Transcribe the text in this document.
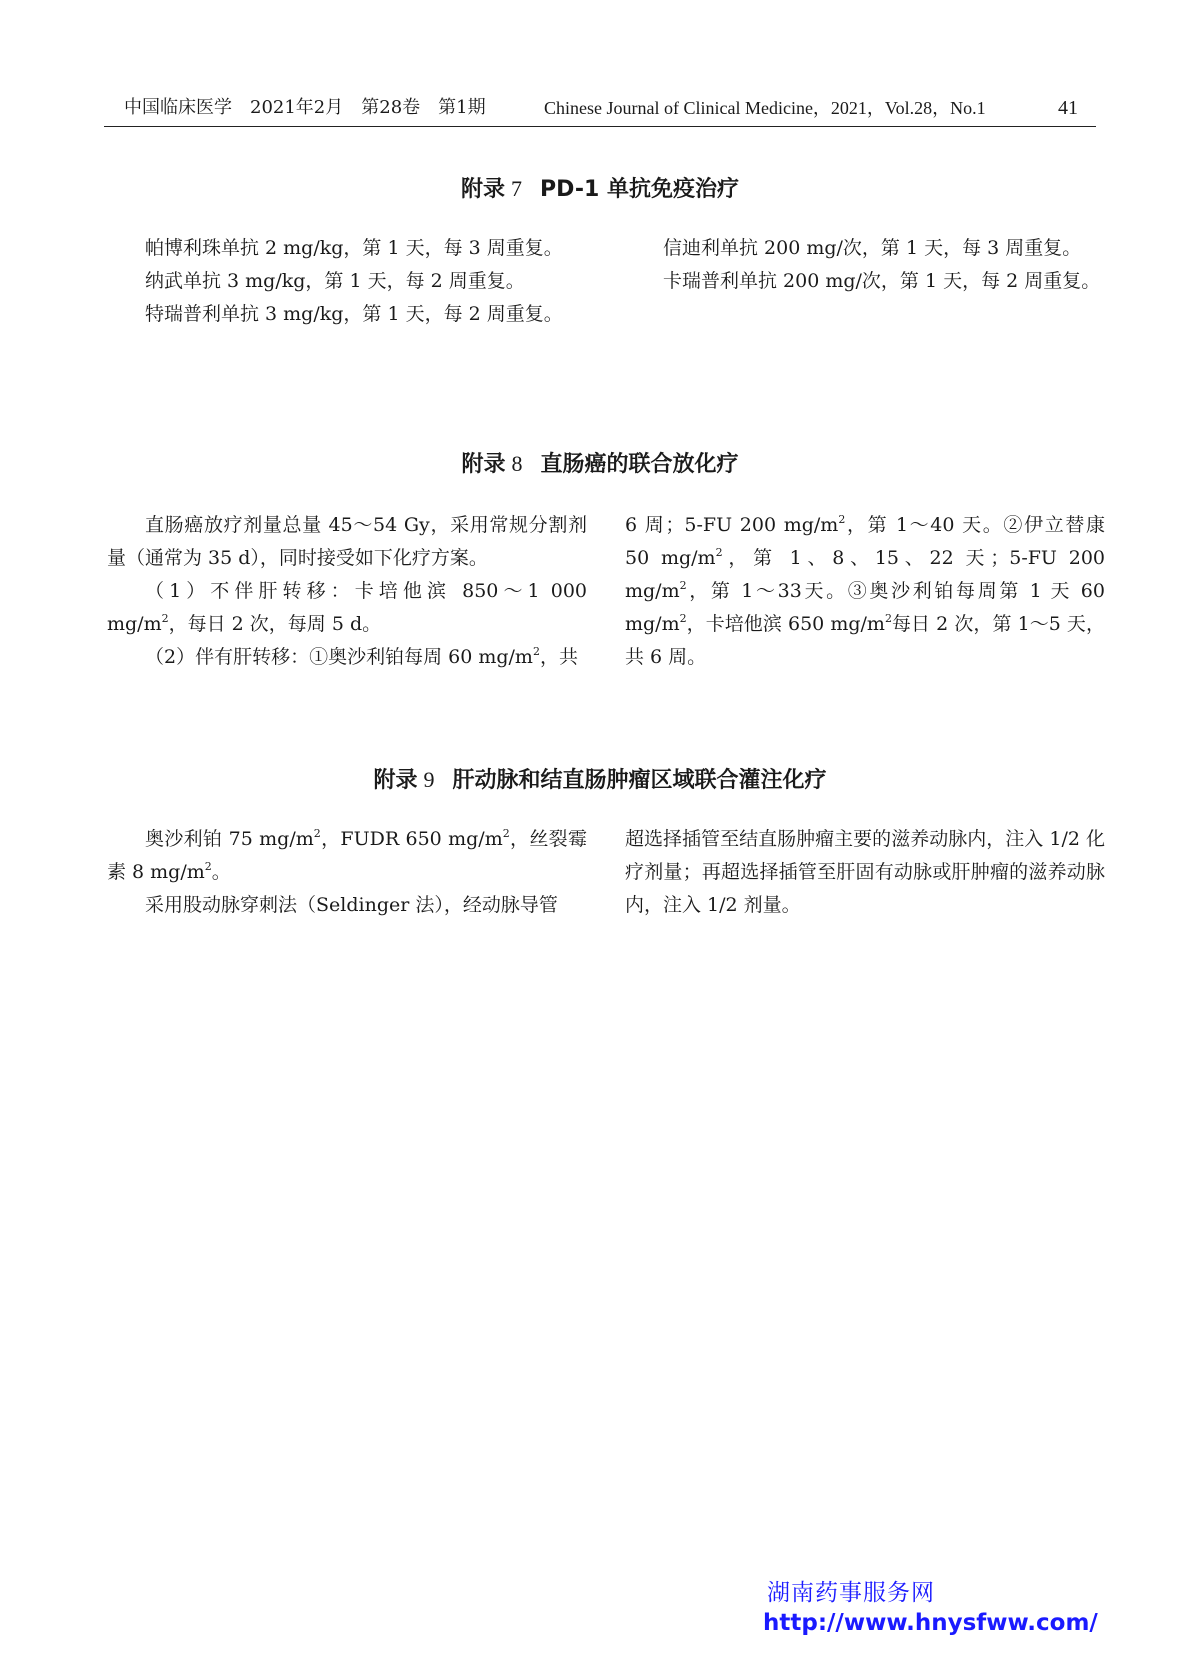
中国临床医学　2021年2月　第28卷　第1期	Chinese Journal of Clinical Medicine，2021，Vol.28，No.1	41
附录 7 PD-1 单抗免疫治疗

帕博利珠单抗 2 mg/kg，第 1 天，每 3 周重复。

纳武单抗 3 mg/kg，第 1 天，每 2 周重复。

特瑞普利单抗 3 mg/kg，第 1 天，每 2 周重复。

信迪利单抗 200 mg/次，第 1 天，每 3 周重复。

卡瑞普利单抗 200 mg/次，第 1 天，每 2 周重复。

附录 8 直肠癌的联合放化疗

直肠癌放疗剂量总量 45～54 Gy，采用常规分割剂量（通常为 35 d），同时接受如下化疗方案。

（1）不伴肝转移：卡培他滨 850～1 000 $mg/m^2$，每日 2 次，每周 5 d。

（2）伴有肝转移：①奥沙利铂每周 60 $mg/m^2$，共

6 周；5-FU 200 $mg/m^2$，第 1～40 天。②伊立替康 50 $mg/m^2$，第 1、8、15、22 天；5-FU 200 $mg/m^2$，第 1～33天。③奥沙利铂每周第 1 天 60 $mg/m^2$，卡培他滨 650 $mg/m^2$每日 2 次，第 1～5 天，共 6 周。

附录 9 肝动脉和结直肠肿瘤区域联合灌注化疗

奥沙利铂 75 $mg/m^2$，FUDR 650 $mg/m^2$，丝裂霉素 8 $mg/m^2$。

采用股动脉穿刺法（Seldinger 法），经动脉导管

超选择插管至结直肠肿瘤主要的滋养动脉内，注入 1/2 化疗剂量；再超选择插管至肝固有动脉或肝肿瘤的滋养动脉内，注入 1/2 剂量。

湖南药事服务网
http://www.hnysfww.com/
